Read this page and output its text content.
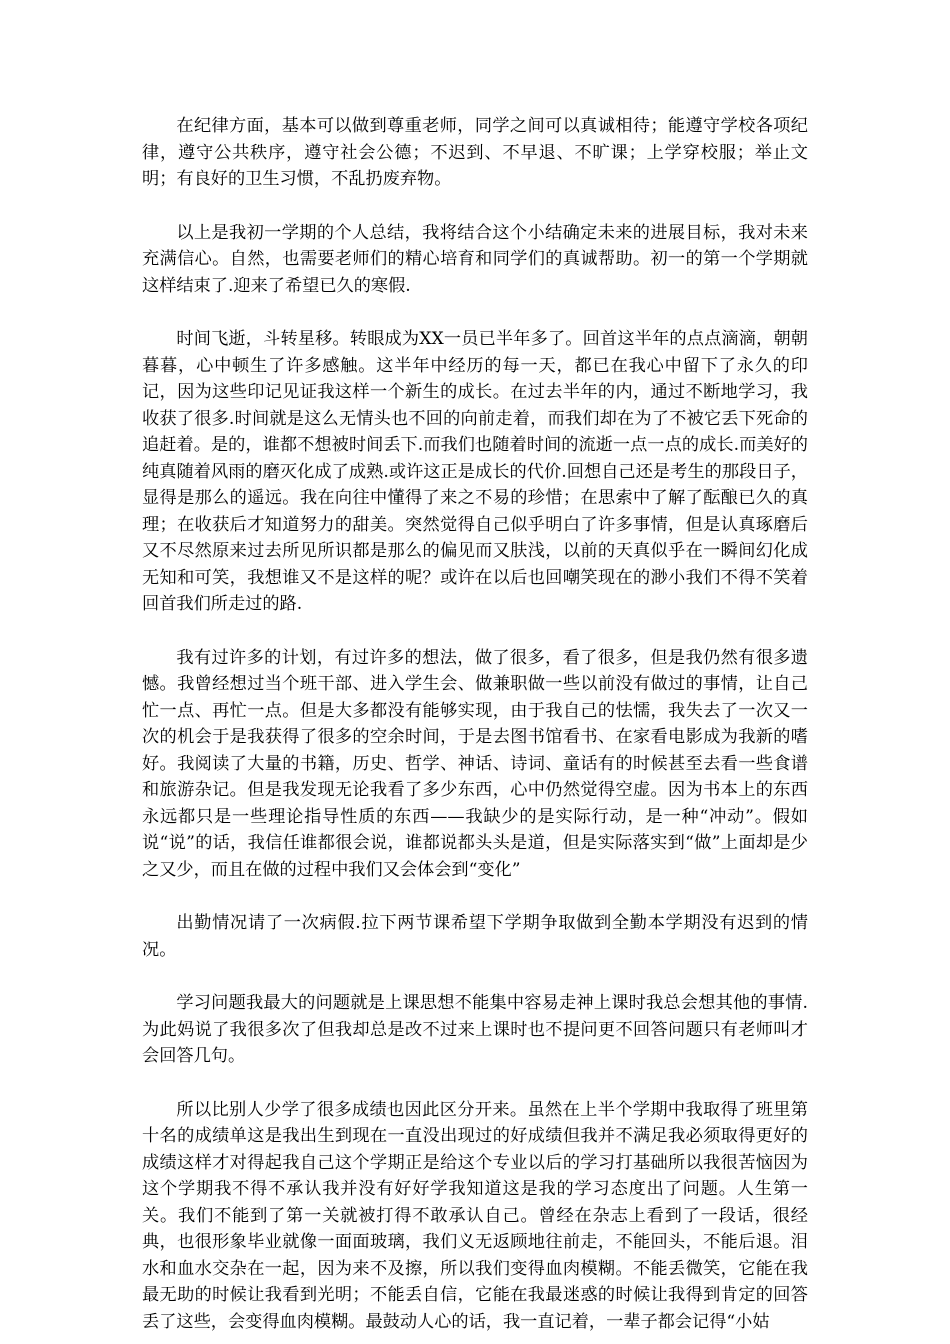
在纪律方面，基本可以做到尊重老师，同学之间可以真诚相待；能遵守学校各项纪律，遵守公共秩序，遵守社会公德；不迟到、不早退、不旷课；上学穿校服；举止文明；有良好的卫生习惯，不乱扔废弃物。

以上是我初一学期的个人总结，我将结合这个小结确定未来的进展目标，我对未来充满信心。自然，也需要老师们的精心培育和同学们的真诚帮助。初一的第一个学期就这样结束了.迎来了希望已久的寒假.

时间飞逝，斗转星移。转眼成为XX一员已半年多了。回首这半年的点点滴滴，朝朝暮暮，心中顿生了许多感触。这半年中经历的每一天，都已在我心中留下了永久的印记，因为这些印记见证我这样一个新生的成长。在过去半年的内，通过不断地学习，我收获了很多.时间就是这么无情头也不回的向前走着，而我们却在为了不被它丢下死命的追赶着。是的，谁都不想被时间丢下.而我们也随着时间的流逝一点一点的成长.而美好的纯真随着风雨的磨灭化成了成熟.或许这正是成长的代价.回想自己还是考生的那段日子，显得是那么的遥远。我在向往中懂得了来之不易的珍惜；在思索中了解了酝酿已久的真理；在收获后才知道努力的甜美。突然觉得自己似乎明白了许多事情，但是认真琢磨后又不尽然原来过去所见所识都是那么的偏见而又肤浅，以前的天真似乎在一瞬间幻化成无知和可笑，我想谁又不是这样的呢？或许在以后也回嘲笑现在的渺小我们不得不笑着回首我们所走过的路.

我有过许多的计划，有过许多的想法，做了很多，看了很多，但是我仍然有很多遗憾。我曾经想过当个班干部、进入学生会、做兼职做一些以前没有做过的事情，让自己忙一点、再忙一点。但是大多都没有能够实现，由于我自己的怯懦，我失去了一次又一次的机会于是我获得了很多的空余时间，于是去图书馆看书、在家看电影成为我新的嗜好。我阅读了大量的书籍，历史、哲学、神话、诗词、童话有的时候甚至去看一些食谱和旅游杂记。但是我发现无论我看了多少东西，心中仍然觉得空虚。因为书本上的东西永远都只是一些理论指导性质的东西——我缺少的是实际行动，是一种“冲动”。假如说“说”的话，我信任谁都很会说，谁都说都头头是道，但是实际落实到“做”上面却是少之又少，而且在做的过程中我们又会体会到“变化”

出勤情况请了一次病假.拉下两节课希望下学期争取做到全勤本学期没有迟到的情况。

学习问题我最大的问题就是上课思想不能集中容易走神上课时我总会想其他的事情.为此妈说了我很多次了但我却总是改不过来上课时也不提问更不回答问题只有老师叫才会回答几句。

所以比别人少学了很多成绩也因此区分开来。虽然在上半个学期中我取得了班里第十名的成绩单这是我出生到现在一直没出现过的好成绩但我并不满足我必须取得更好的成绩这样才对得起我自己这个学期正是给这个专业以后的学习打基础所以我很苦恼因为这个学期我不得不承认我并没有好好学我知道这是我的学习态度出了问题。人生第一关。我们不能到了第一关就被打得不敢承认自己。曾经在杂志上看到了一段话，很经典，也很形象毕业就像一面面玻璃，我们义无返顾地往前走，不能回头，不能后退。泪水和血水交杂在一起，因为来不及擦，所以我们变得血肉模糊。不能丢微笑，它能在我最无助的时候让我看到光明；不能丢自信，它能在我最迷惑的时候让我得到肯定的回答丢了这些，会变得血肉模糊。最鼓动人心的话，我一直记着，一辈子都会记得“小姑
